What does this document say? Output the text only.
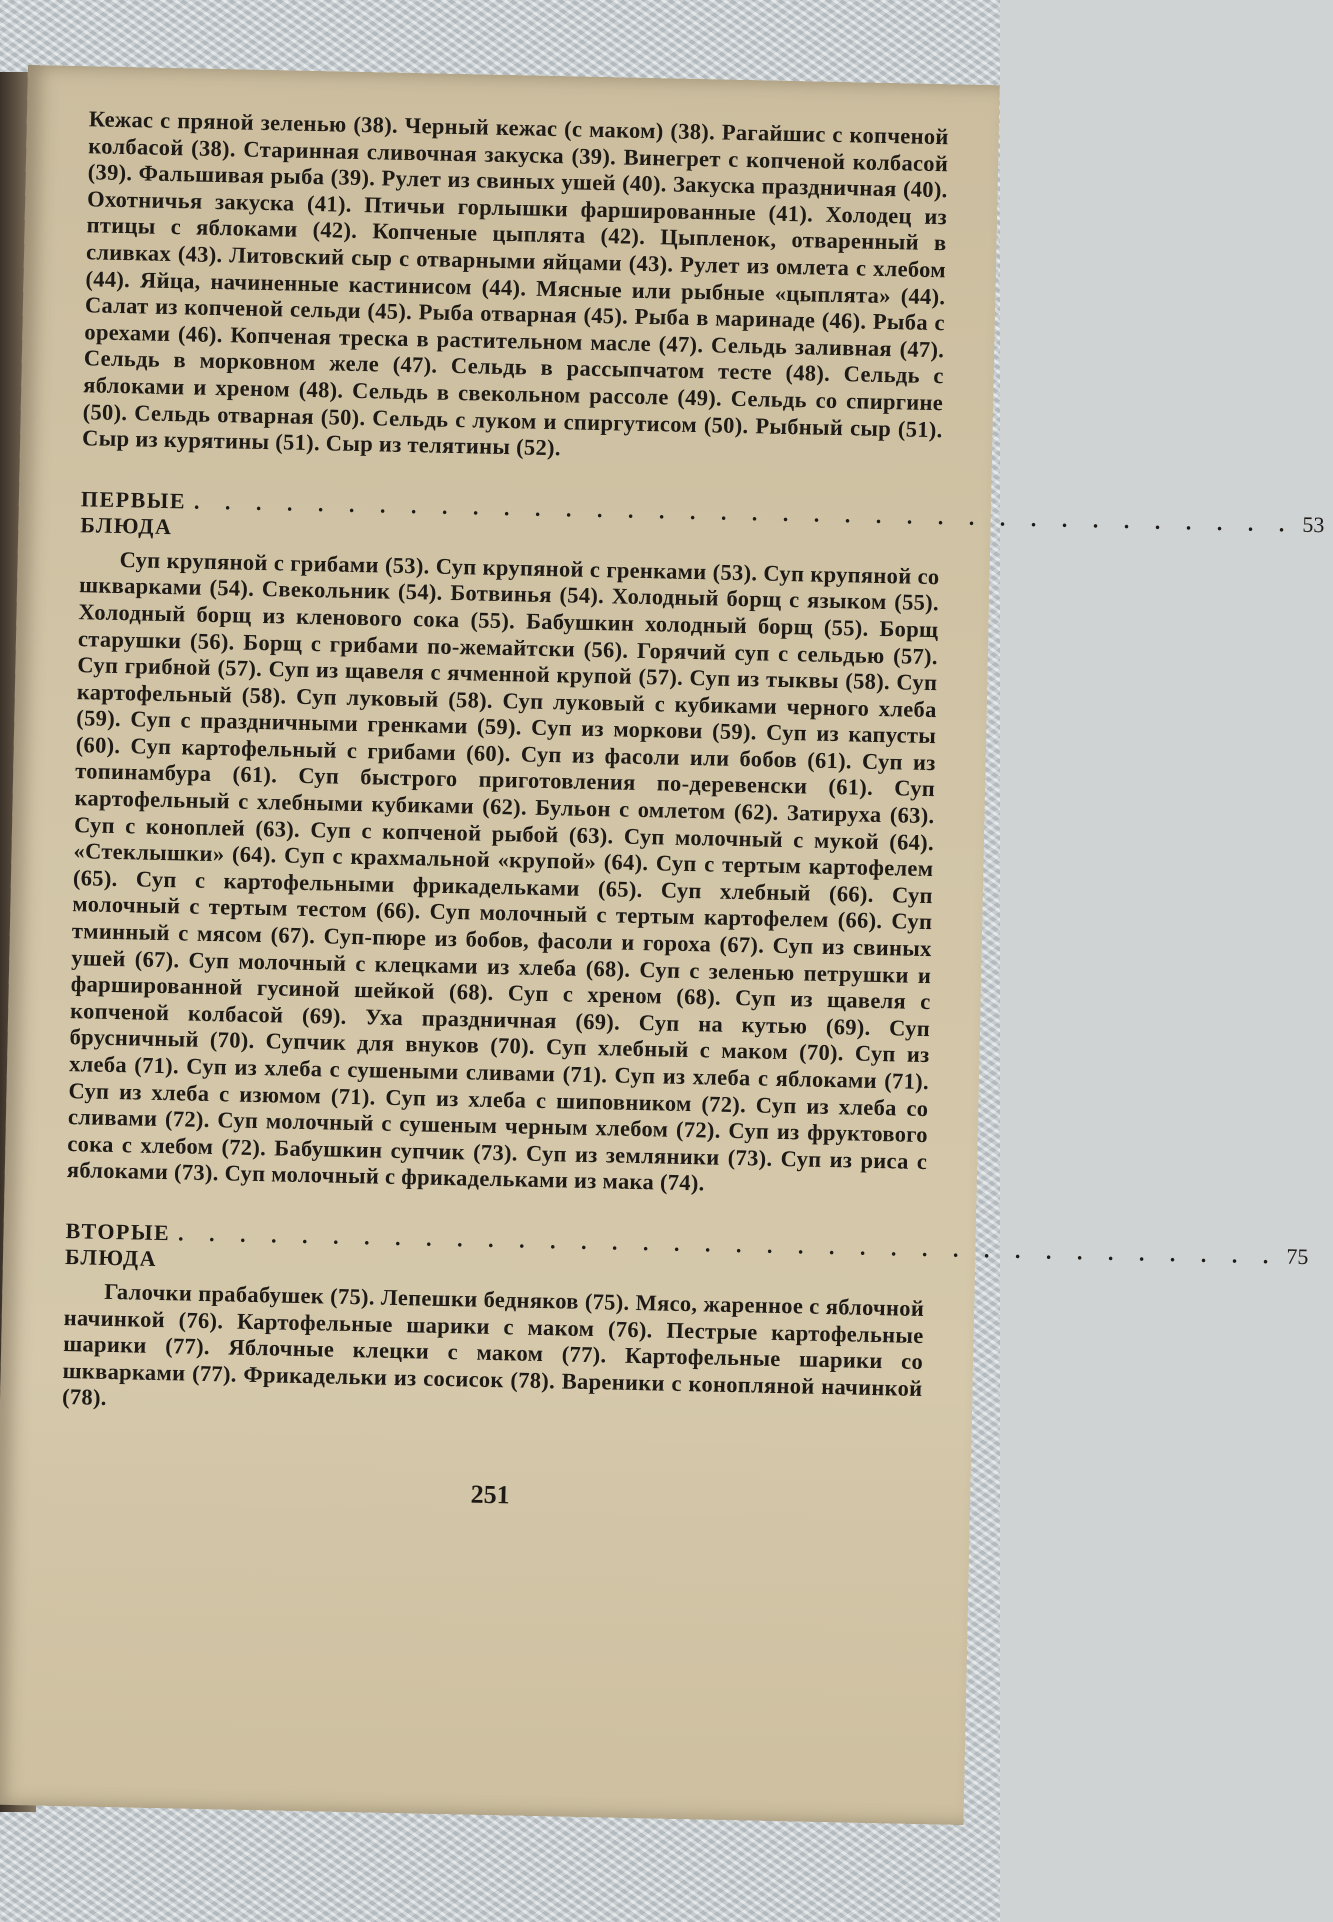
Кежас с пряной зеленью (38). Черный кежас (с маком) (38). Рагайшис с копченой колбасой (38). Старинная сливочная закуска (39). Винегрет с копченой колбасой (39). Фальшивая рыба (39). Рулет из свиных ушей (40). Закуска праздничная (40). Охотничья закуска (41). Птичьи горлышки фаршированные (41). Холодец из птицы с яблоками (42). Копченые цыплята (42). Цыпленок, отваренный в сливках (43). Литовский сыр с отварными яйцами (43). Рулет из омлета с хлебом (44). Яйца, начиненные кастинисом (44). Мясные или рыбные «цыплята» (44). Салат из копченой сельди (45). Рыба отварная (45). Рыба в маринаде (46). Рыба с орехами (46). Копченая треска в растительном масле (47). Сельдь заливная (47). Сельдь в морковном желе (47). Сельдь в рассыпчатом тесте (48). Сельдь с яблоками и хреном (48). Сельдь в свекольном рассоле (49). Сельдь со спиргине (50). Сельдь отварная (50). Сельдь с луком и спиргутисом (50). Рыбный сыр (51). Сыр из курятины (51). Сыр из телятины (52).

ПЕРВЫЕ БЛЮДА . . . . . . . . . . . . . . . . . . . . . . . . . . . . . . . . . . . . 53

Суп крупяной с грибами (53). Суп крупяной с гренками (53). Суп крупяной со шкварками (54). Свекольник (54). Ботвинья (54). Холодный борщ с языком (55). Холодный борщ из кленового сока (55). Бабушкин холодный борщ (55). Борщ старушки (56). Борщ с грибами по-жемайтски (56). Горячий суп с сельдью (57). Суп грибной (57). Суп из щавеля с ячменной крупой (57). Суп из тыквы (58). Суп картофельный (58). Суп луковый (58). Суп луковый с кубиками черного хлеба (59). Суп с праздничными гренками (59). Суп из моркови (59). Суп из капусты (60). Суп картофельный с грибами (60). Суп из фасоли или бобов (61). Суп из топинамбура (61). Суп быстрого приготовления по-деревенски (61). Суп картофельный с хлебными кубиками (62). Бульон с омлетом (62). Затируха (63). Суп с коноплей (63). Суп с копченой рыбой (63). Суп молочный с мукой (64). «Стеклышки» (64). Суп с крахмальной «крупой» (64). Суп с тертым картофелем (65). Суп с картофельными фрикадельками (65). Суп хлебный (66). Суп молочный с тертым тестом (66). Суп молочный с тертым картофелем (66). Суп тминный с мясом (67). Суп-пюре из бобов, фасоли и гороха (67). Суп из свиных ушей (67). Суп молочный с клецками из хлеба (68). Суп с зеленью петрушки и фаршированной гусиной шейкой (68). Суп с хреном (68). Суп из щавеля с копченой колбасой (69). Уха праздничная (69). Суп на кутью (69). Суп брусничный (70). Супчик для внуков (70). Суп хлебный с маком (70). Суп из хлеба (71). Суп из хлеба с сушеными сливами (71). Суп из хлеба с яблоками (71). Суп из хлеба с изюмом (71). Суп из хлеба с шиповником (72). Суп из хлеба со сливами (72). Суп молочный с сушеным черным хлебом (72). Суп из фруктового сока с хлебом (72). Бабушкин супчик (73). Суп из земляники (73). Суп из риса с яблоками (73). Суп молочный с фрикадельками из мака (74).

ВТОРЫЕ БЛЮДА . . . . . . . . . . . . . . . . . . . . . . . . . . . . . . . . . . . . 75

Галочки прабабушек (75). Лепешки бедняков (75). Мясо, жаренное с яблочной начинкой (76). Картофельные шарики с маком (76). Пестрые картофельные шарики (77). Яблочные клецки с маком (77). Картофельные шарики со шкварками (77). Фрикадельки из сосисок (78). Вареники с конопляной начинкой (78).

251
